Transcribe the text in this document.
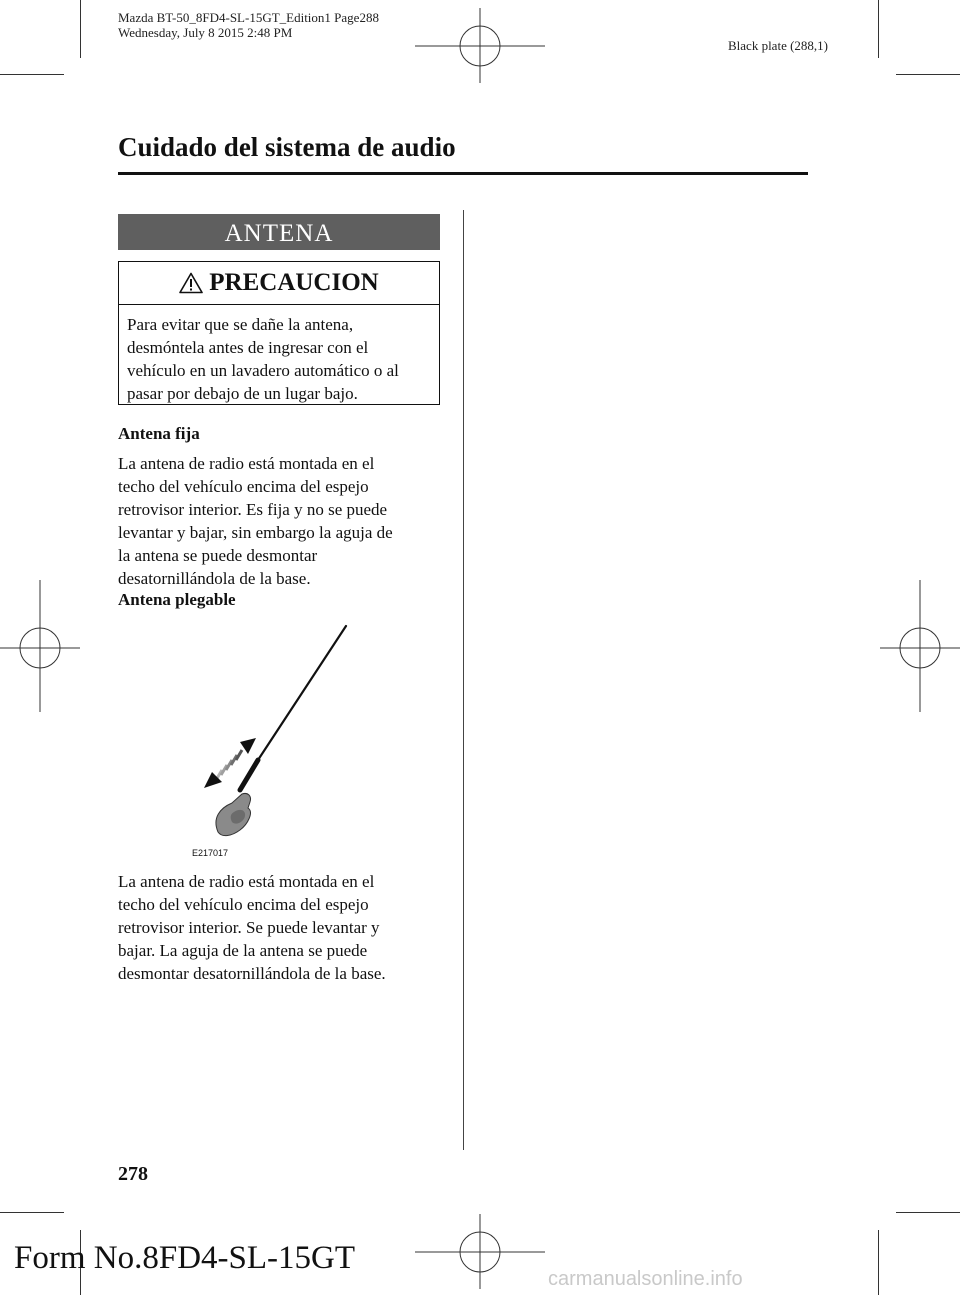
Mazda BT-50_8FD4-SL-15GT_Edition1 Page288
Wednesday, July 8 2015 2:48 PM
Black plate (288,1)
Cuidado del sistema de audio
ANTENA
PRECAUCION
Para evitar que se dañe la antena,
desmóntela antes de ingresar con el
vehículo en un lavadero automático o al
pasar por debajo de un lugar bajo.
Antena fija
La antena de radio está montada en el
techo del vehículo encima del espejo
retrovisor interior. Es fija y no se puede
levantar y bajar, sin embargo la aguja de
la antena se puede desmontar
desatornillándola de la base.
Antena plegable
E217017
La antena de radio está montada en el
techo del vehículo encima del espejo
retrovisor interior. Se puede levantar y
bajar. La aguja de la antena se puede
desmontar desatornillándola de la base.
278
Form No.8FD4-SL-15GT
carmanualsonline.info
